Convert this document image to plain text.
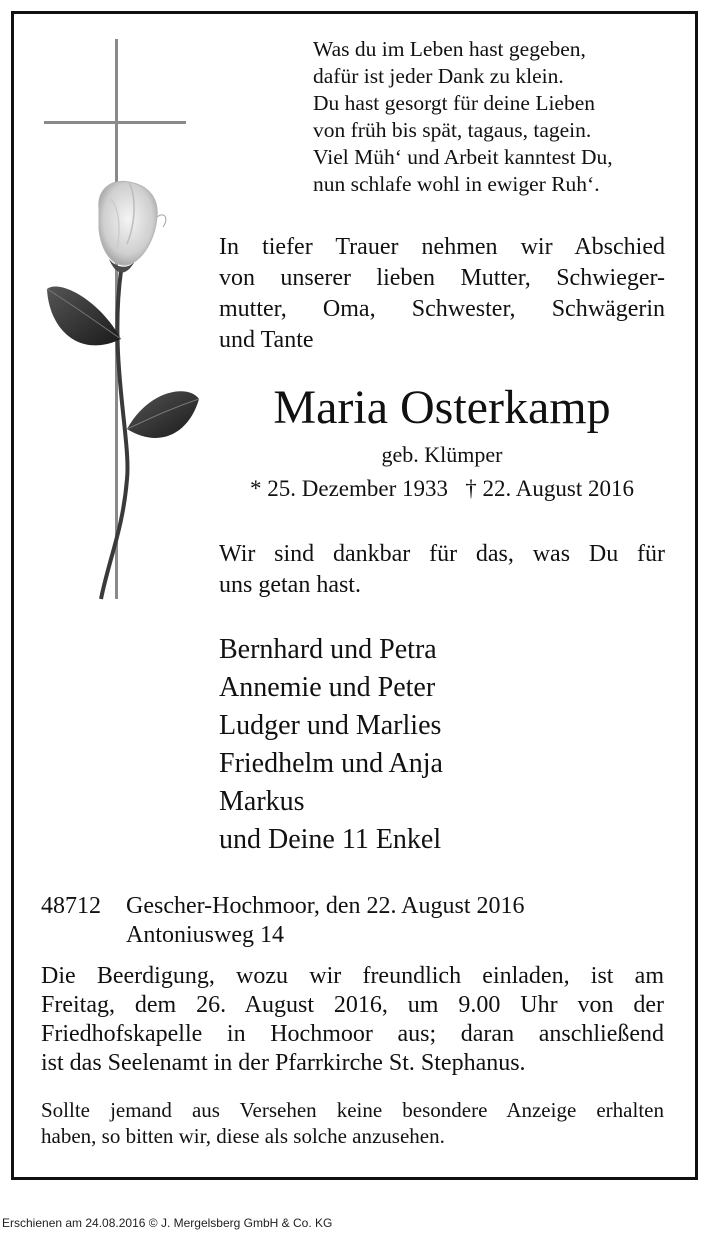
Was du im Leben hast gegeben,
dafür ist jeder Dank zu klein.
Du hast gesorgt für deine Lieben
von früh bis spät, tagaus, tagein.
Viel Müh‘ und Arbeit kanntest Du,
nun schlafe wohl in ewiger Ruh‘.
In tiefer Trauer nehmen wir Abschied
von unserer lieben Mutter, Schwieger-
mutter, Oma, Schwester, Schwägerin
und Tante
Maria Osterkamp
geb. Klümper
* 25. Dezember 1933 † 22. August 2016
Wir sind dankbar für das, was Du für
uns getan hast.
Bernhard und Petra
Annemie und Peter
Ludger und Marlies
Friedhelm und Anja
Markus
und Deine 11 Enkel
48712 Gescher-Hochmoor, den 22. August 2016
Antoniusweg 14
Die Beerdigung, wozu wir freundlich einladen, ist am
Freitag, dem 26. August 2016, um 9.00 Uhr von der
Friedhofskapelle in Hochmoor aus; daran anschließend
ist das Seelenamt in der Pfarrkirche St. Stephanus.
Sollte jemand aus Versehen keine besondere Anzeige erhalten
haben, so bitten wir, diese als solche anzusehen.
Erschienen am 24.08.2016 © J. Mergelsberg GmbH & Co. KG
